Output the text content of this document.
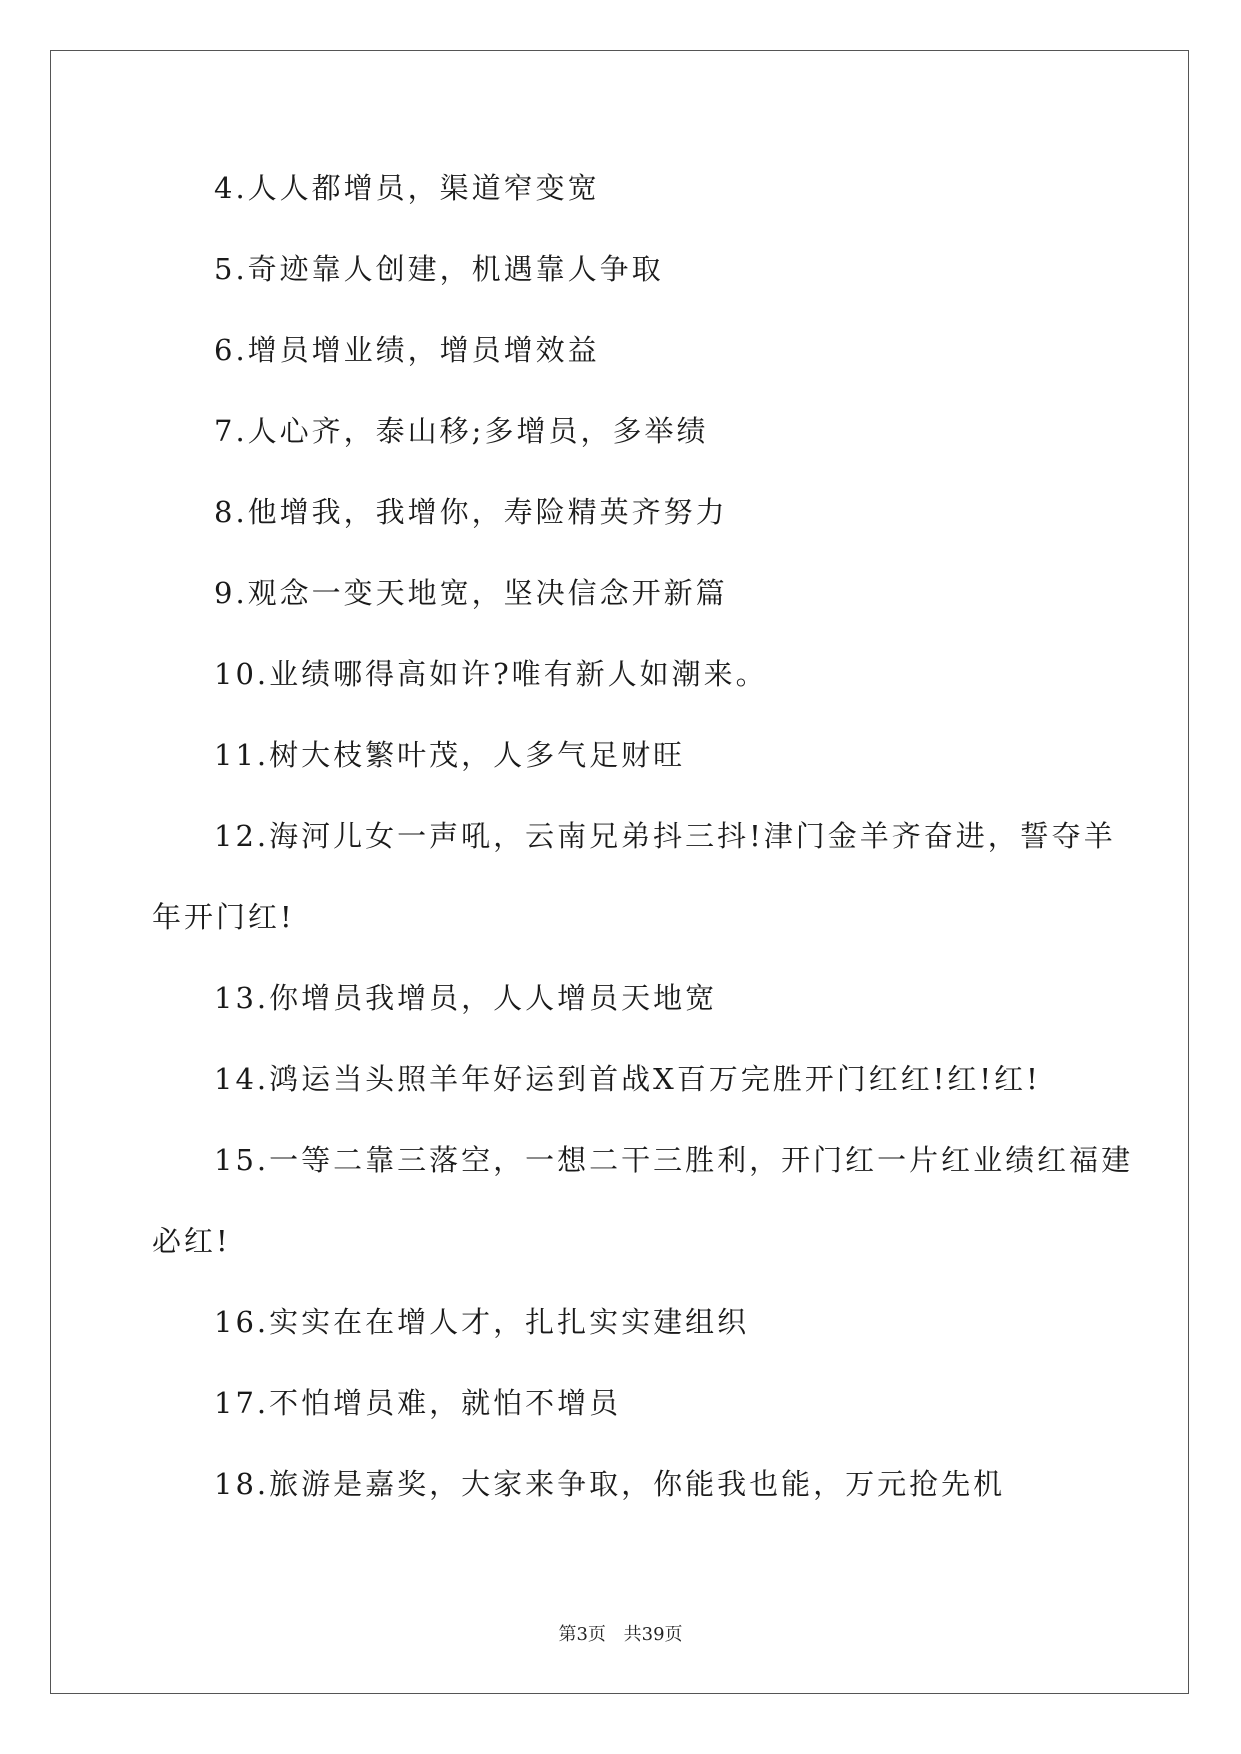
4.人人都增员，渠道窄变宽
5.奇迹靠人创建，机遇靠人争取
6.增员增业绩，增员增效益
7.人心齐，泰山移;多增员，多举绩
8.他增我，我增你，寿险精英齐努力
9.观念一变天地宽，坚决信念开新篇
10.业绩哪得高如许?唯有新人如潮来。
11.树大枝繁叶茂，人多气足财旺
12.海河儿女一声吼，云南兄弟抖三抖!津门金羊齐奋进，誓夺羊
年开门红!
13.你增员我增员，人人增员天地宽
14.鸿运当头照羊年好运到首战X百万完胜开门红红!红!红!
15.一等二靠三落空，一想二干三胜利，开门红一片红业绩红福建
必红!
16.实实在在增人才，扎扎实实建组织
17.不怕增员难，就怕不增员
18.旅游是嘉奖，大家来争取，你能我也能，万元抢先机
第3页 共39页
